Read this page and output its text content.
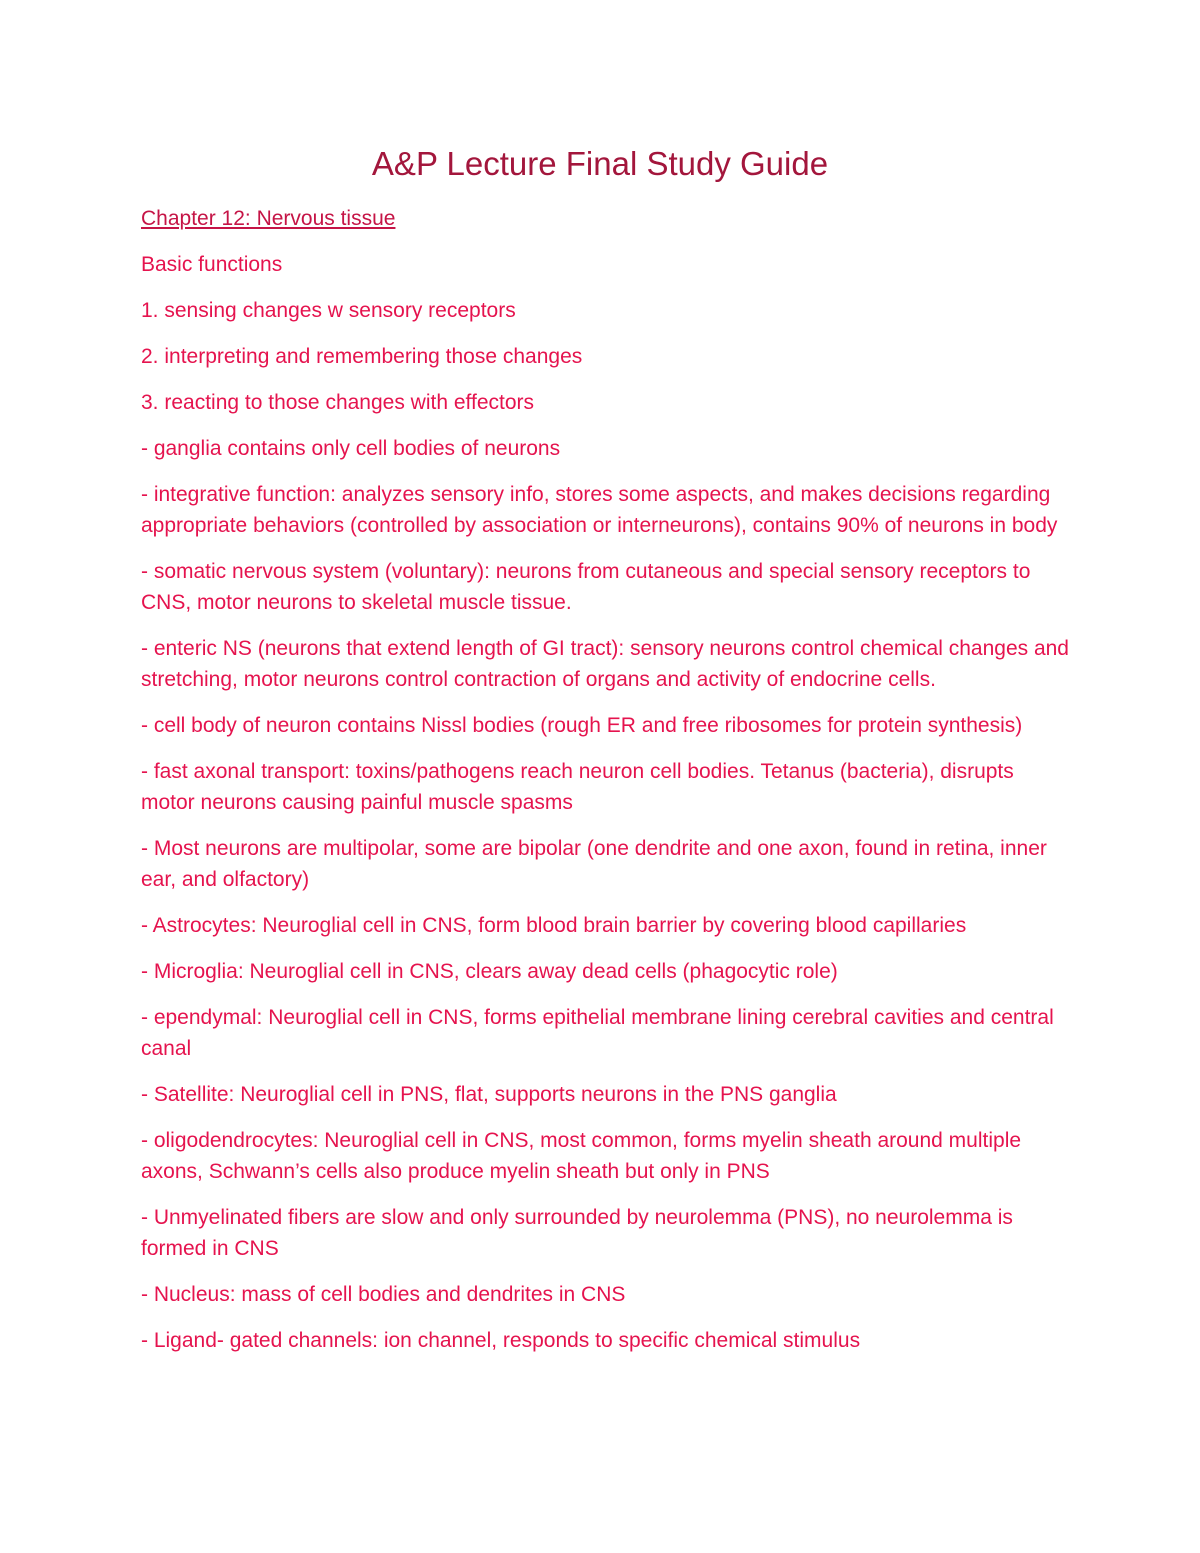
A&P Lecture Final Study Guide

Chapter 12: Nervous tissue

Basic functions

1. sensing changes w sensory receptors

2. interpreting and remembering those changes

3. reacting to those changes with effectors

- ganglia contains only cell bodies of neurons

- integrative function: analyzes sensory info, stores some aspects, and makes decisions regarding appropriate behaviors (controlled by association or interneurons), contains 90% of neurons in body

- somatic nervous system (voluntary): neurons from cutaneous and special sensory receptors to CNS, motor neurons to skeletal muscle tissue.

- enteric NS (neurons that extend length of GI tract): sensory neurons control chemical changes and stretching, motor neurons control contraction of organs and activity of endocrine cells.

- cell body of neuron contains Nissl bodies (rough ER and free ribosomes for protein synthesis)

- fast axonal transport: toxins/pathogens reach neuron cell bodies. Tetanus (bacteria), disrupts motor neurons causing painful muscle spasms

- Most neurons are multipolar, some are bipolar (one dendrite and one axon, found in retina, inner ear, and olfactory)

- Astrocytes: Neuroglial cell in CNS, form blood brain barrier by covering blood capillaries

- Microglia: Neuroglial cell in CNS, clears away dead cells (phagocytic role)

- ependymal: Neuroglial cell in CNS, forms epithelial membrane lining cerebral cavities and central canal

- Satellite: Neuroglial cell in PNS, flat, supports neurons in the PNS ganglia

- oligodendrocytes: Neuroglial cell in CNS, most common, forms myelin sheath around multiple axons, Schwann’s cells also produce myelin sheath but only in PNS

- Unmyelinated fibers are slow and only surrounded by neurolemma (PNS), no neurolemma is formed in CNS

- Nucleus: mass of cell bodies and dendrites in CNS

- Ligand- gated channels: ion channel, responds to specific chemical stimulus
